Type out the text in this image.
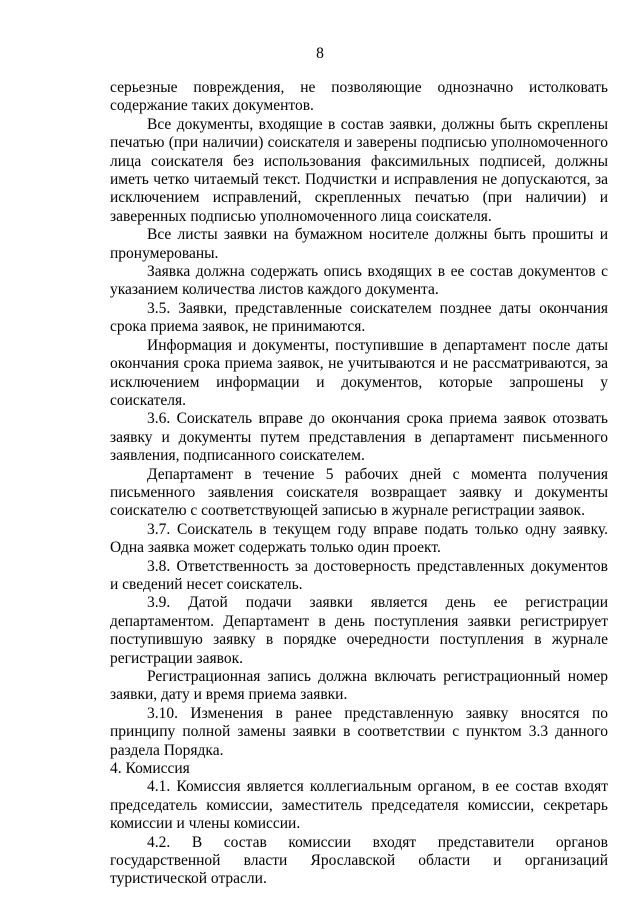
8

серьезные повреждения, не позволяющие однозначно истолковать содержание таких документов.

Все документы, входящие в состав заявки, должны быть скреплены печатью (при наличии) соискателя и заверены подписью уполномоченного лица соискателя без использования факсимильных подписей, должны иметь четко читаемый текст. Подчистки и исправления не допускаются, за исключением исправлений, скрепленных печатью (при наличии) и заверенных подписью уполномоченного лица соискателя.

Все листы заявки на бумажном носителе должны быть прошиты и пронумерованы.

Заявка должна содержать опись входящих в ее состав документов с указанием количества листов каждого документа.

3.5. Заявки, представленные соискателем позднее даты окончания срока приема заявок, не принимаются.

Информация и документы, поступившие в департамент после даты окончания срока приема заявок, не учитываются и не рассматриваются, за исключением информации и документов, которые запрошены у соискателя.

3.6. Соискатель вправе до окончания срока приема заявок отозвать заявку и документы путем представления в департамент письменного заявления, подписанного соискателем.

Департамент в течение 5 рабочих дней с момента получения письменного заявления соискателя возвращает заявку и документы соискателю с соответствующей записью в журнале регистрации заявок.

3.7. Соискатель в текущем году вправе подать только одну заявку. Одна заявка может содержать только один проект.

3.8. Ответственность за достоверность представленных документов и сведений несет соискатель.

3.9. Датой подачи заявки является день ее регистрации департаментом. Департамент в день поступления заявки регистрирует поступившую заявку в порядке очередности поступления в журнале регистрации заявок.

Регистрационная запись должна включать регистрационный номер заявки, дату и время приема заявки.

3.10. Изменения в ранее представленную заявку вносятся по принципу полной замены заявки в соответствии с пунктом 3.3 данного раздела Порядка.

4. Комиссия

4.1. Комиссия является коллегиальным органом, в ее состав входят председатель комиссии, заместитель председателя комиссии, секретарь комиссии и члены комиссии.

4.2. В состав комиссии входят представители органов государственной власти Ярославской области и организаций туристической отрасли.
